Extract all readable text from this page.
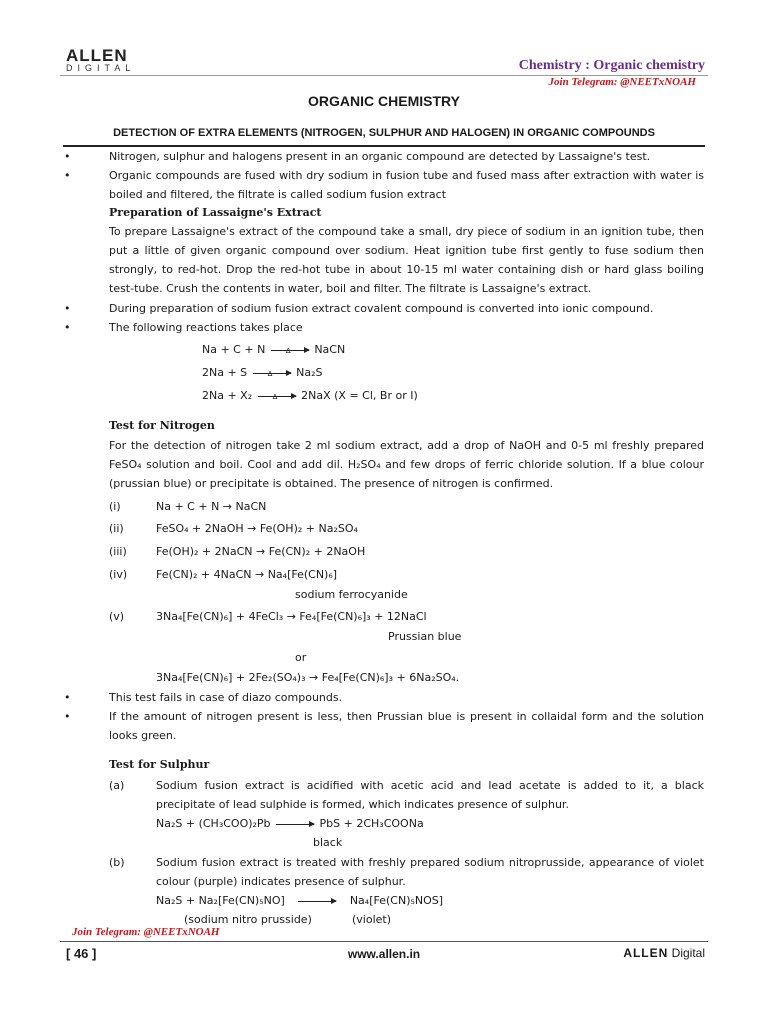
ALLEN
DIGITAL	Chemistry : Organic chemistry
Join Telegram: @NEETxNOAH
ORGANIC CHEMISTRY
DETECTION OF EXTRA ELEMENTS (NITROGEN, SULPHUR AND HALOGEN) IN ORGANIC COMPOUNDS
•	Nitrogen, sulphur and halogens present in an organic compound are detected by Lassaigne's test.
•	Organic compounds are fused with dry sodium in fusion tube and fused mass after extraction with water is boiled and filtered, the filtrate is called sodium fusion extract
Preparation of Lassaigne's Extract
To prepare Lassaigne's extract of the compound take a small, dry piece of sodium in an ignition tube, then put a little of given organic compound over sodium. Heat ignition tube first gently to fuse sodium then strongly, to red-hot. Drop the red-hot tube in about 10-15 ml water containing dish or hard glass boiling test-tube. Crush the contents in water, boil and filter. The filtrate is Lassaigne's extract.
•	During preparation of sodium fusion extract covalent compound is converted into ionic compound.
•	The following reactions takes place
Na + C + N	Δ NaCN
2Na + S	Δ Na₂S
2Na + X₂	Δ 2NaX (X = Cl, Br or I)
Test for Nitrogen
For the detection of nitrogen take 2 ml sodium extract, add a drop of NaOH and 0-5 ml freshly prepared FeSO₄ solution and boil. Cool and add dil. H₂SO₄ and few drops of ferric chloride solution. If a blue colour (prussian blue) or precipitate is obtained. The presence of nitrogen is confirmed.
(i)	Na + C + N → NaCN
(ii)	FeSO₄ + 2NaOH → Fe(OH)₂ + Na₂SO₄
(iii)	Fe(OH)₂ + 2NaCN → Fe(CN)₂ + 2NaOH
(iv)	Fe(CN)₂ + 4NaCN → Na₄[Fe(CN)₆]
sodium ferrocyanide
(v)	3Na₄[Fe(CN)₆] + 4FeCl₃ → Fe₄[Fe(CN)₆]₃ + 12NaCl
Prussian blue
or
3Na₄[Fe(CN)₆] + 2Fe₂(SO₄)₃ → Fe₄[Fe(CN)₆]₃ + 6Na₂SO₄.
•	This test fails in case of diazo compounds.
•	If the amount of nitrogen present is less, then Prussian blue is present in collaidal form and the solution looks green.
Test for Sulphur
(a)	Sodium fusion extract is acidified with acetic acid and lead acetate is added to it, a black precipitate of lead sulphide is formed, which indicates presence of sulphur.
Na₂S + (CH₃COO)₂Pb	PbS + 2CH₃COONa
black
(b)	Sodium fusion extract is treated with freshly prepared sodium nitroprusside, appearance of violet colour (purple) indicates presence of sulphur.
Na₂S + Na₂[Fe(CN)₅NO]	Na₄[Fe(CN)₅NOS]
(sodium nitro prusside)	(violet)
Join Telegram: @NEETxNOAH
[ 46 ]	www.allen.in	ALLEN Digital
